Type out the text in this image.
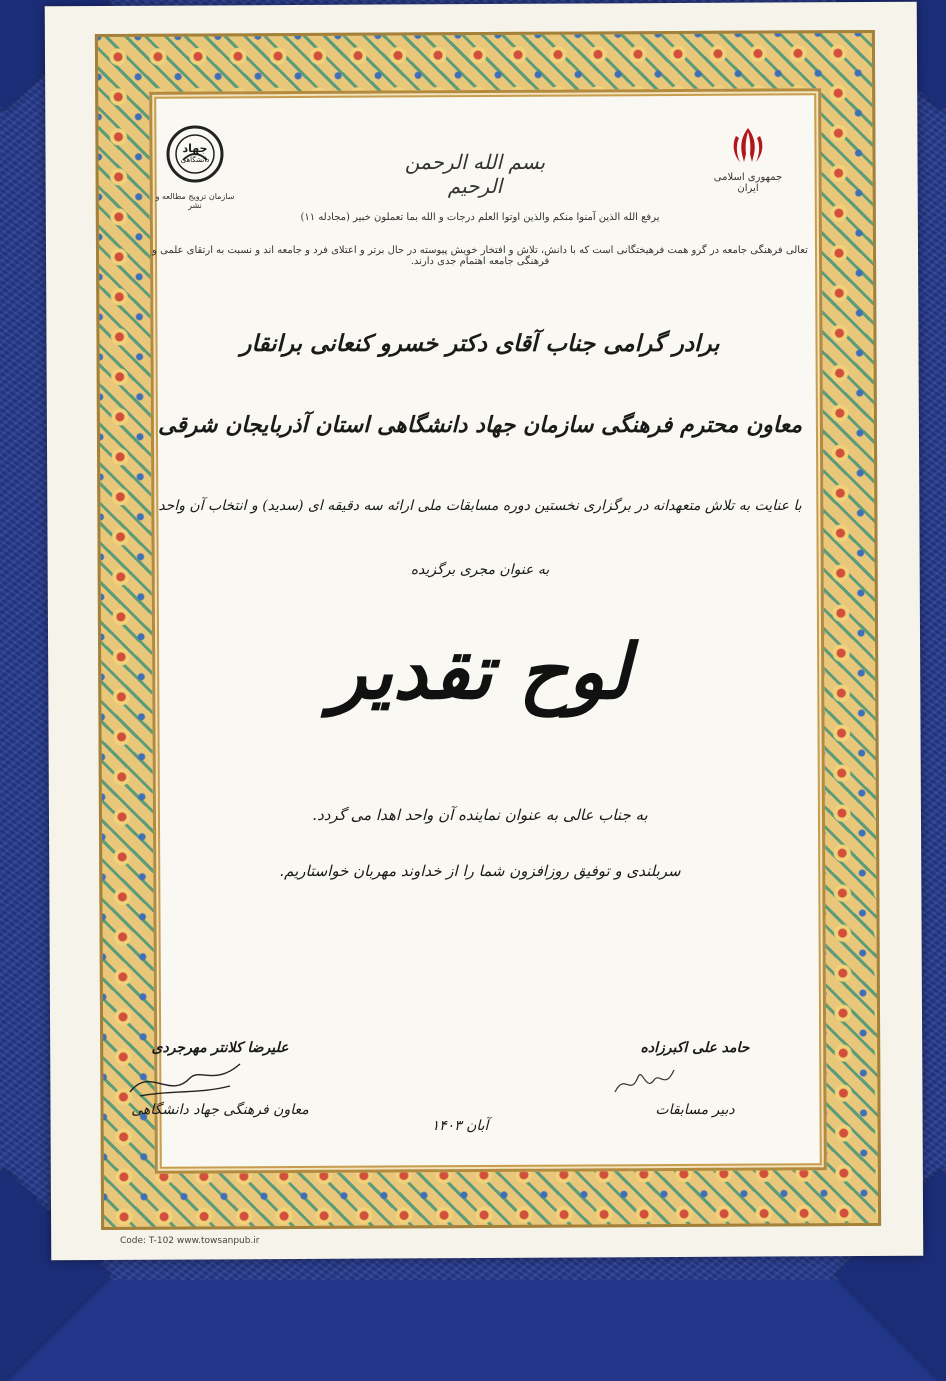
جمهوری اسلامی ایران
جهاد
دانشگاهی
سازمان ترویج مطالعه و نشر
بسم الله الرحمن الرحیم
یرفع الله الذین آمنوا منکم والذین اوتوا العلم درجات و الله بما تعملون خبیر (مجادله ۱۱)
تعالی فرهنگی جامعه در گرو همت فرهیختگانی است که با دانش، تلاش و افتخار خویش پیوسته در حال برتر و اعتلای فرد و جامعه اند و نسبت به ارتقای علمی و فرهنگی جامعه اهتمام جدی دارند.
برادر گرامی جناب آقای دکتر خسرو کنعانی برانقار
معاون محترم فرهنگی سازمان جهاد دانشگاهی استان آذربایجان شرقی
با عنایت به تلاش متعهدانه در برگزاری نخستین دوره مسابقات ملی ارائه سه دقیقه ای (سدید) و انتخاب آن واحد
به عنوان مجری برگزیده
لوح تقدیر
به جناب عالی به عنوان نماینده آن واحد اهدا می گردد.
سربلندی و توفیق روزافزون شما را از خداوند مهربان خواستاریم.
حامد علی اکبرزاده
دبیر مسابقات
علیرضا کلانتر مهرجردی
معاون فرهنگی جهاد دانشگاهی
آبان ۱۴۰۳
Code: T-102 www.towsanpub.ir
